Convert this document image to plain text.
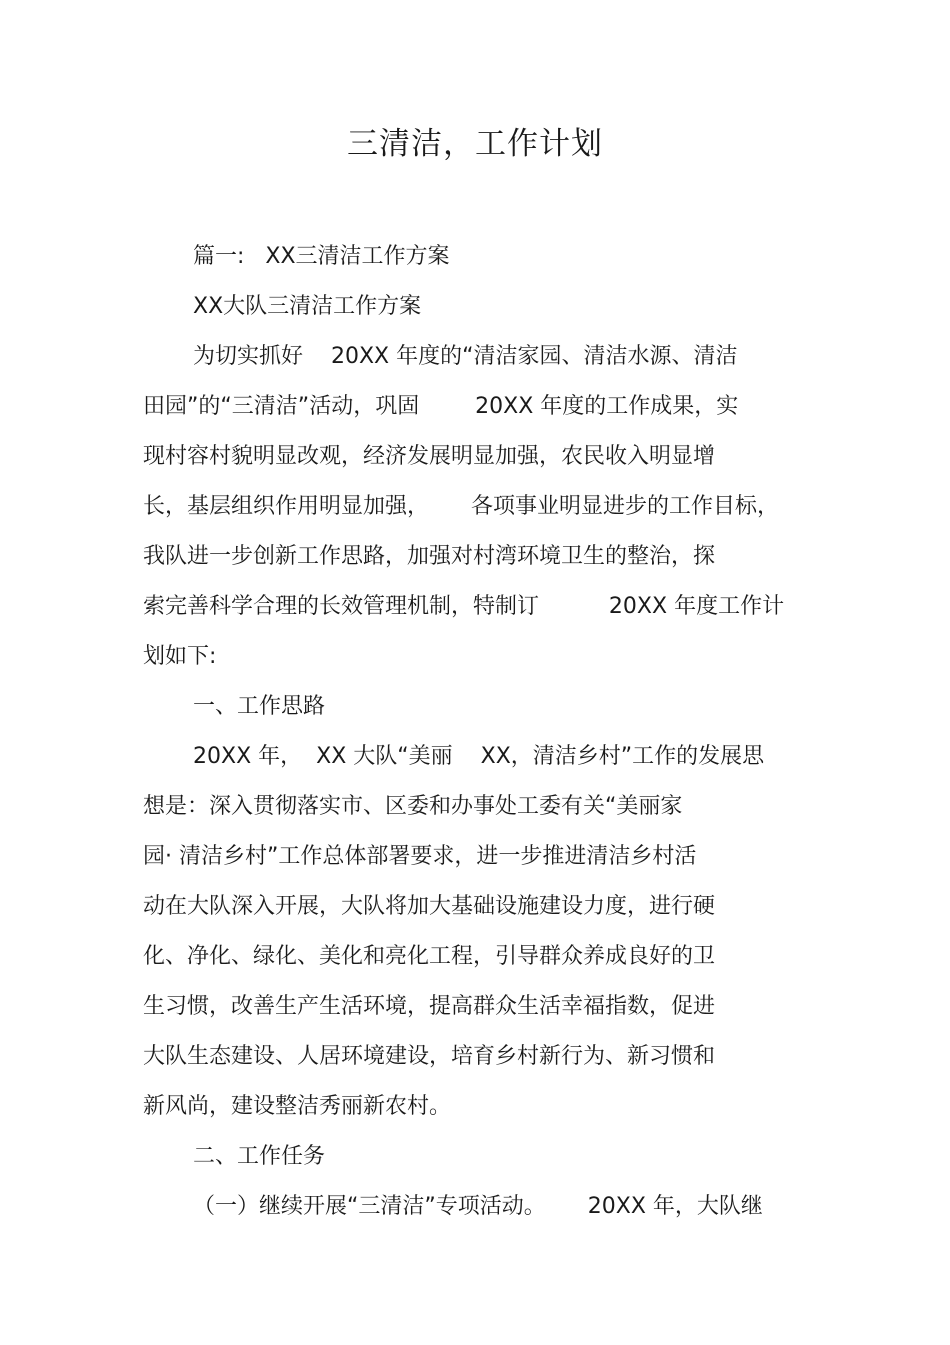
三清洁，工作计划

篇一:   XX三清洁工作方案

XX大队三清洁工作方案

为切实抓好    20XX 年度的“清洁家园、清洁水源、清洁

田园”的“三清洁”活动，巩固        20XX 年度的工作成果，实

现村容村貌明显改观，经济发展明显加强，农民收入明显增

长，基层组织作用明显加强，      各项事业明显进步的工作目标，

我队进一步创新工作思路，加强对村湾环境卫生的整治，探

索完善科学合理的长效管理机制，特制订          20XX 年度工作计

划如下:

一、工作思路

20XX 年，  XX 大队“美丽    XX，清洁乡村”工作的发展思

想是：深入贯彻落实市、区委和办事处工委有关“美丽家

园· 清洁乡村”工作总体部署要求，进一步推进清洁乡村活

动在大队深入开展，大队将加大基础设施建设力度，进行硬

化、净化、绿化、美化和亮化工程，引导群众养成良好的卫

生习惯，改善生产生活环境，提高群众生活幸福指数，促进

大队生态建设、人居环境建设，培育乡村新行为、新习惯和

新风尚，建设整洁秀丽新农村。

二、工作任务

（一）继续开展“三清洁”专项活动。      20XX 年，大队继
